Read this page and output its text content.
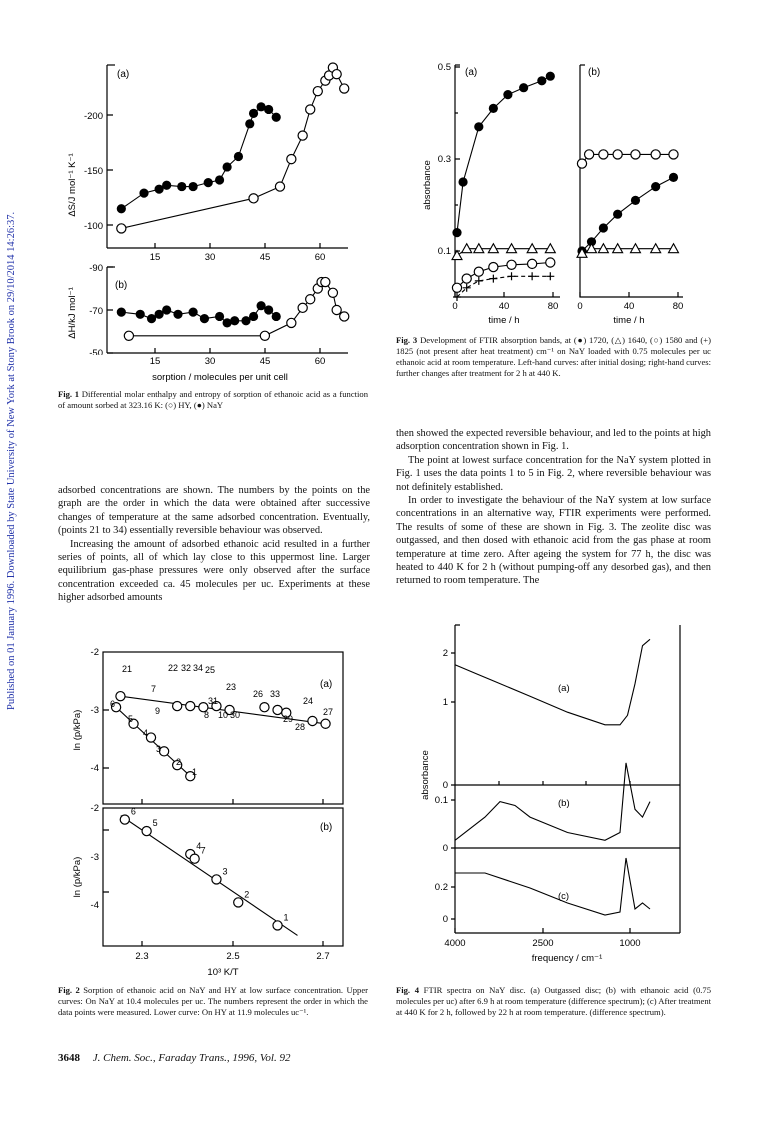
Published on 01 January 1996. Downloaded by State University of New York at Stony Brook on 29/10/2014 14:26:37.
(a)
(b)
-200
-150
-100
-90
-70
-50
15	30	45	60
ΔS/J mol⁻¹ K⁻¹
ΔH/kJ mol⁻¹
15	30	45	60
sorption / molecules per unit cell
Fig. 1 Differential molar enthalpy and entropy of sorption of ethanoic acid as a function of amount sorbed at 323.16 K: (○) HY, (●) NaY

adsorbed concentrations are shown. The numbers by the points on the graph are the order in which the data were obtained after successive changes of temperature at the same adsorbed concentration. Eventually, (points 21 to 34) essentially reversible behaviour was observed.

Increasing the amount of adsorbed ethanoic acid resulted in a further series of points, all of which lay close to this uppermost line. Larger equilibrium gas-phase pressures were only observed after the surface concentration exceeded ca. 45 molecules per uc. Experiments at these higher adsorbed amounts

(a)	(b)
0.5
0.3
0.1
0	40	80 0	40	80
time / h	time / h
absorbance
Fig. 3 Development of FTIR absorption bands, at (●) 1720, (△) 1640, (○) 1580 and (+) 1825 (not present after heat treatment) cm⁻¹ on NaY loaded with 0.75 molecules per uc ethanoic acid at room temperature. Left-hand curves: after initial dosing; right-hand curves: further changes after treatment for 2 h at 440 K.

then showed the expected reversible behaviour, and led to the points at high adsorption concentration shown in Fig. 1.

The point at lowest surface concentration for the NaY system plotted in Fig. 1 uses the data points 1 to 5 in Fig. 2, where reversible behaviour was not definitely established.

In order to investigate the behaviour of the NaY system at low surface concentrations in an alternative way, FTIR experiments were performed. The results of some of these are shown in Fig. 3. The zeolite disc was outgassed, and then dosed with ethanoic acid from the gas phase at room temperature at time zero. After ageing the system for 77 h, the disc was heated to 440 K for 2 h (without pumping-off any desorbed gas), and then returned to room temperature. The

(a)
(b)
-2
-3
-4
-2
-3
-4
2.3	2.5	2.7
10³ K/T
ln (p/kPa)
ln (p/kPa)
21	22 32 34 25
23
7
6
9
31
8 10 30
26 33
24
27
29
28
5
4
3
2
1
6
5
4 7
3
2
1
Fig. 2 Sorption of ethanoic acid on NaY and HY at low surface concentration. Upper curves: On NaY at 10.4 molecules per uc. The numbers represent the order in which the data points were measured. Lower curve: On HY at 11.9 molecules uc⁻¹.
2
1
0
0.1
0
0.2
0
(a)
(b)
(c)
4000	2500	1000
frequency / cm⁻¹
absorbance
Fig. 4 FTIR spectra on NaY disc. (a) Outgassed disc; (b) with ethanoic acid (0.75 molecules per uc) after 6.9 h at room temperature (difference spectrum); (c) After treatment at 440 K for 2 h, followed by 22 h at room temperature. (difference spectrum).
3648 J. Chem. Soc., Faraday Trans., 1996, Vol. 92
